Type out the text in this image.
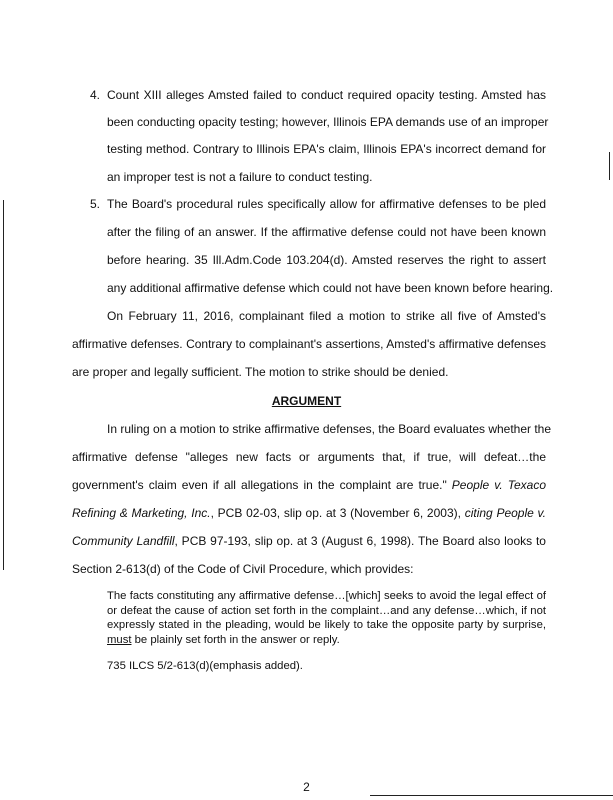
4. Count XIII alleges Amsted failed to conduct required opacity testing. Amsted has
been conducting opacity testing; however, Illinois EPA demands use of an improper
testing method. Contrary to Illinois EPA's claim, Illinois EPA's incorrect demand for
an improper test is not a failure to conduct testing.
5. The Board's procedural rules specifically allow for affirmative defenses to be pled
after the filing of an answer. If the affirmative defense could not have been known
before hearing. 35 Ill.Adm.Code 103.204(d). Amsted reserves the right to assert
any additional affirmative defense which could not have been known before hearing.
On February 11, 2016, complainant filed a motion to strike all five of Amsted's
affirmative defenses. Contrary to complainant's assertions, Amsted's affirmative defenses
are proper and legally sufficient. The motion to strike should be denied.
ARGUMENT
In ruling on a motion to strike affirmative defenses, the Board evaluates whether the
affirmative defense "alleges new facts or arguments that, if true, will defeat…the
government's claim even if all allegations in the complaint are true." People v. Texaco
Refining & Marketing, Inc., PCB 02-03, slip op. at 3 (November 6, 2003), citing People v.
Community Landfill, PCB 97-193, slip op. at 3 (August 6, 1998). The Board also looks to
Section 2-613(d) of the Code of Civil Procedure, which provides:
The facts constituting any affirmative defense…[which] seeks to avoid the legal effect of or defeat the cause of action set forth in the complaint…and any defense…which, if not expressly stated in the pleading, would be likely to take the opposite party by surprise, must be plainly set forth in the answer or reply.
735 ILCS 5/2-613(d)(emphasis added).
2
